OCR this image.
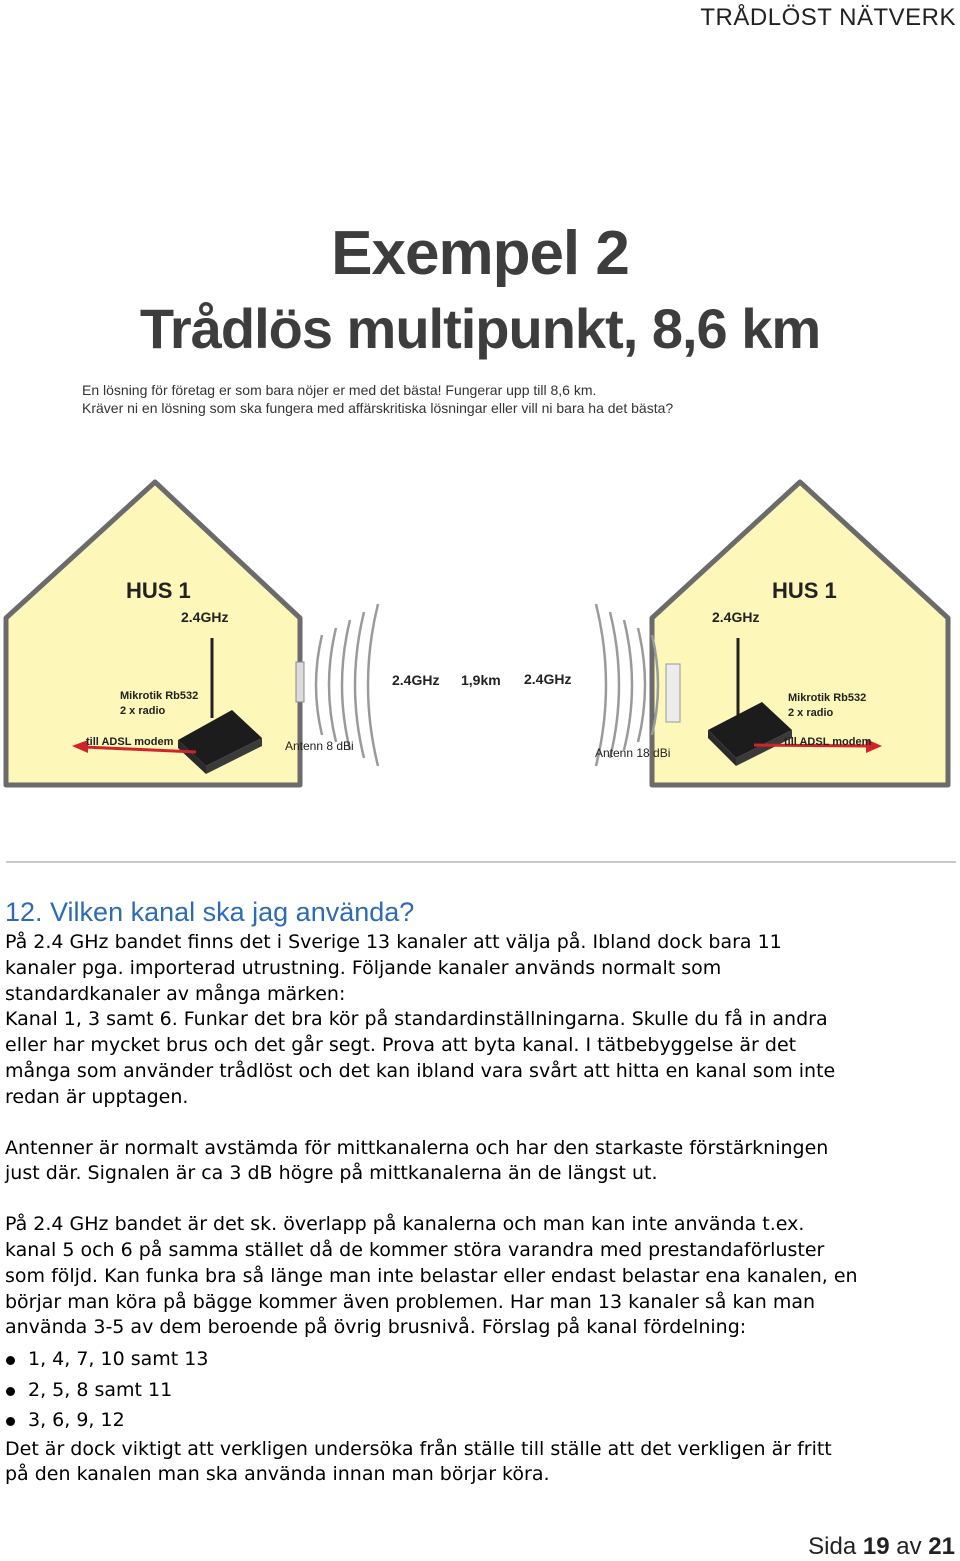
TRÅDLÖST NÄTVERK
Exempel 2
Trådlös multipunkt, 8,6 km
En lösning för företag er som bara nöjer er med det bästa! Fungerar upp till 8,6 km.
Kräver ni en lösning som ska fungera med affärskritiska lösningar eller vill ni bara ha det bästa?
HUS 1
2.4GHz
Mikrotik Rb532
2 x radio
till ADSL modem	Antenn 8 dBi
HUS 1
2.4GHz
Mikrotik Rb532
2 x radio
till ADSL modem
Antenn 18 dBi
2.4GHz 1,9km 2.4GHz
12. Vilken kanal ska jag använda?

På 2.4 GHz bandet finns det i Sverige 13 kanaler att välja på. Ibland dock bara 11
kanaler pga. importerad utrustning. Följande kanaler används normalt som
standardkanaler av många märken:
Kanal 1, 3 samt 6. Funkar det bra kör på standardinställningarna. Skulle du få in andra
eller har mycket brus och det går segt. Prova att byta kanal. I tätbebyggelse är det
många som använder trådlöst och det kan ibland vara svårt att hitta en kanal som inte
redan är upptagen.

Antenner är normalt avstämda för mittkanalerna och har den starkaste förstärkningen
just där. Signalen är ca 3 dB högre på mittkanalerna än de längst ut.

På 2.4 GHz bandet är det sk. överlapp på kanalerna och man kan inte använda t.ex.
kanal 5 och 6 på samma stället då de kommer störa varandra med prestandaförluster
som följd. Kan funka bra så länge man inte belastar eller endast belastar ena kanalen, en
börjar man köra på bägge kommer även problemen. Har man 13 kanaler så kan man
använda 3-5 av dem beroende på övrig brusnivå. Förslag på kanal fördelning:

1, 4, 7, 10 samt 13
2, 5, 8 samt 11
3, 6, 9, 12

Det är dock viktigt att verkligen undersöka från ställe till ställe att det verkligen är fritt
på den kanalen man ska använda innan man börjar köra.

Sida 19 av 21
